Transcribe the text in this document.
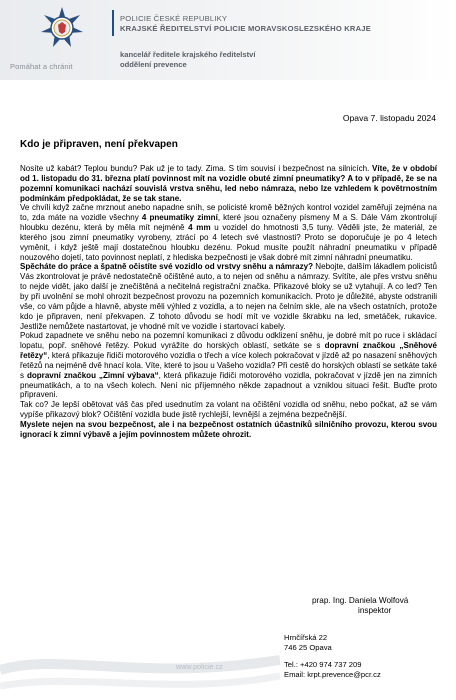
Pomáhat a chránit
POLICIE ČESKÉ REPUBLIKY
KRAJSKÉ ŘEDITELSTVÍ POLICIE MORAVSKOSLEZSKÉHO KRAJE
kancelář ředitele krajského ředitelství
oddělení prevence
Opava 7. listopadu 2024
Kdo je připraven, není překvapen

Nosíte už kabát? Teplou bundu? Pak už je to tady. Zima. S tím souvisí i bezpečnost na silnicích. Víte, že v období od 1. listopadu do 31. března platí povinnost mít na vozidle obuté zimní pneumatiky? A to v případě, že se na pozemní komunikaci nachází souvislá vrstva sněhu, led nebo námraza, nebo lze vzhledem k povětrnostním podmínkám předpokládat, že se tak stane.

Ve chvíli když začne mrznout anebo napadne sníh, se policisté kromě běžných kontrol vozidel zaměřují zejména na to, zda máte na vozidle všechny 4 pneumatiky zimní, které jsou označeny písmeny M a S. Dále Vám zkontrolují hloubku dezénu, která by měla mít nejméně 4 mm u vozidel do hmotnosti 3,5 tuny. Věděli jste, že materiál, ze kterého jsou zimní pneumatiky vyrobeny, ztrácí po 4 letech své vlastnosti? Proto se doporučuje je po 4 letech vyměnit, i když ještě mají dostatečnou hloubku dezénu. Pokud musíte použít náhradní pneumatiku v případě nouzového dojetí, tato povinnost neplatí, z hlediska bezpečnosti je však dobré mít zimní náhradní pneumatiku.

Spěcháte do práce a špatně očistíte své vozidlo od vrstvy sněhu a námrazy? Nebojte, dalším lákadlem policistů Vás zkontrolovat je právě nedostatečně očištěné auto, a to nejen od sněhu a námrazy. Svítíte, ale přes vrstvu sněhu to nejde vidět, jako další je znečištěná a nečitelná registrační značka. Přikazové bloky se už vytahují. A co led? Ten by při uvolnění se mohl ohrozit bezpečnost provozu na pozemních komunikacích. Proto je důležité, abyste odstranili vše, co vám půjde a hlavně, abyste měli výhled z vozidla, a to nejen na čelním skle, ale na všech ostatních, protože kdo je připraven, není překvapen. Z tohoto důvodu se hodí mít ve vozidle škrabku na led, smetáček, rukavice. Jestliže nemůžete nastartovat, je vhodné mít ve vozidle i startovací kabely.

Pokud zapadnete ve sněhu nebo na pozemní komunikaci z důvodu odklizení sněhu, je dobré mít po ruce i skládací lopatu, popř. sněhové řetězy. Pokud vyrážíte do horských oblastí, setkáte se s dopravní značkou „Sněhové řetězy“, která přikazuje řidiči motorového vozidla o třech a více kolech pokračovat v jízdě až po nasazení sněhových řetězů na nejméně dvě hnací kola. Víte, které to jsou u Vašeho vozidla? Při cestě do horských oblastí se setkáte také s dopravní značkou „Zimní výbava“, která přikazuje řidiči motorového vozidla, pokračovat v jízdě jen na zimních pneumatikách, a to na všech kolech. Není nic příjemného někde zapadnout a vzniklou situaci řešit. Buďte proto připraveni.

Tak co? Je lepší obětovat váš čas před usednutím za volant na očištění vozidla od sněhu, nebo počkat, až se vám vypíše přikazový blok? Očištění vozidla bude jistě rychlejší, levnější a zejména bezpečnější.

Myslete nejen na svou bezpečnost, ale i na bezpečnost ostatních účastníků silničního provozu, kterou svou ignorací k zimní výbavě a jejím povinnostem můžete ohrozit.

prap. Ing. Daniela Wolfová
inspektor
www.policie.cz
Hrnčířská 22
746 25 Opava
Tel.: +420 974 737 209
Email: krpt.prevence@pcr.cz
